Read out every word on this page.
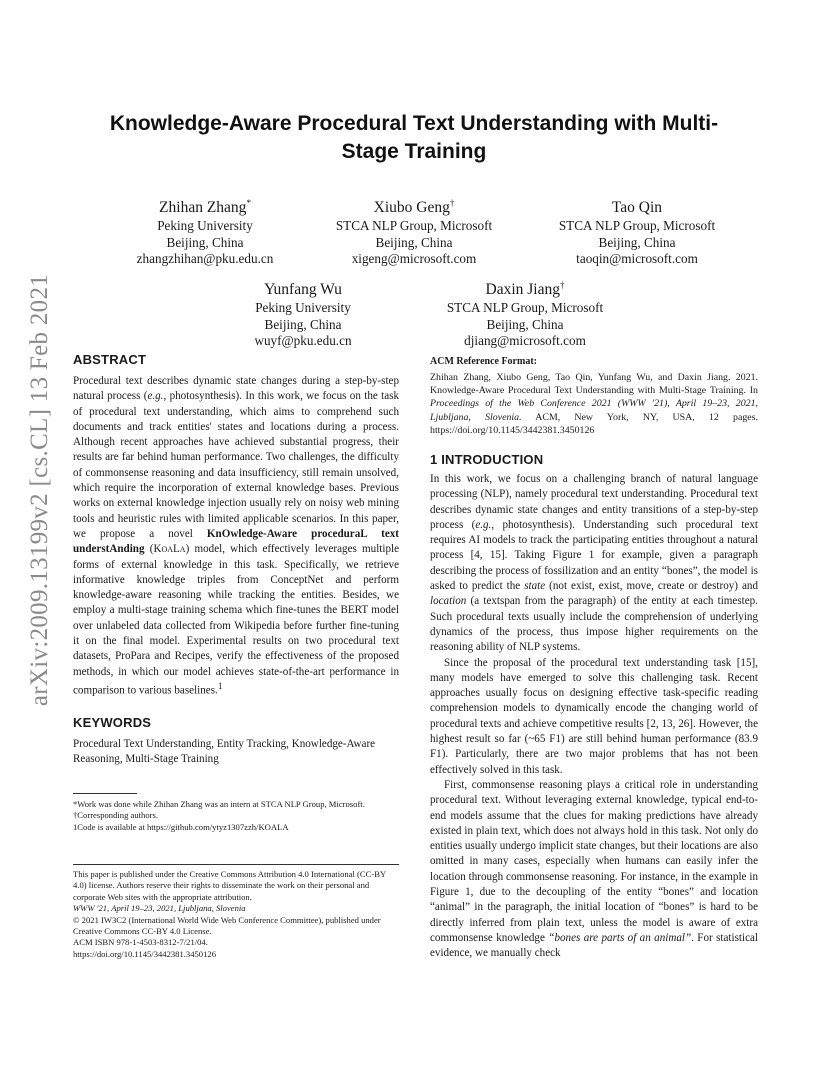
arXiv:2009.13199v2 [cs.CL] 13 Feb 2021
Knowledge-Aware Procedural Text Understanding with Multi-Stage Training
Zhihan Zhang*
Peking University
Beijing, China
zhangzhihan@pku.edu.cn
Xiubo Geng†
STCA NLP Group, Microsoft
Beijing, China
xigeng@microsoft.com
Tao Qin
STCA NLP Group, Microsoft
Beijing, China
taoqin@microsoft.com
Yunfang Wu
Peking University
Beijing, China
wuyf@pku.edu.cn
Daxin Jiang†
STCA NLP Group, Microsoft
Beijing, China
djiang@microsoft.com
ABSTRACT
Procedural text describes dynamic state changes during a step-by-step natural process (e.g., photosynthesis). In this work, we focus on the task of procedural text understanding, which aims to comprehend such documents and track entities' states and locations during a process. Although recent approaches have achieved substantial progress, their results are far behind human performance. Two challenges, the difficulty of commonsense reasoning and data insufficiency, still remain unsolved, which require the incorporation of external knowledge bases. Previous works on external knowledge injection usually rely on noisy web mining tools and heuristic rules with limited applicable scenarios. In this paper, we propose a novel KnOwledge-Aware proceduraL text understAnding (KoaLa) model, which effectively leverages multiple forms of external knowledge in this task. Specifically, we retrieve informative knowledge triples from ConceptNet and perform knowledge-aware reasoning while tracking the entities. Besides, we employ a multi-stage training schema which fine-tunes the BERT model over unlabeled data collected from Wikipedia before further fine-tuning it on the final model. Experimental results on two procedural text datasets, ProPara and Recipes, verify the effectiveness of the proposed methods, in which our model achieves state-of-the-art performance in comparison to various baselines.$^1$
KEYWORDS
Procedural Text Understanding, Entity Tracking, Knowledge-Aware Reasoning, Multi-Stage Training
*Work was done while Zhihan Zhang was an intern at STCA NLP Group, Microsoft.
†Corresponding authors.
1Code is available at https://github.com/ytyz1307zzh/KOALA
This paper is published under the Creative Commons Attribution 4.0 International (CC-BY 4.0) license. Authors reserve their rights to disseminate the work on their personal and corporate Web sites with the appropriate attribution.
WWW '21, April 19–23, 2021, Ljubljana, Slovenia
© 2021 IW3C2 (International World Wide Web Conference Committee), published under Creative Commons CC-BY 4.0 License.
ACM ISBN 978-1-4503-8312-7/21/04.
https://doi.org/10.1145/3442381.3450126
ACM Reference Format:
Zhihan Zhang, Xiubo Geng, Tao Qin, Yunfang Wu, and Daxin Jiang. 2021. Knowledge-Aware Procedural Text Understanding with Multi-Stage Training. In Proceedings of the Web Conference 2021 (WWW '21), April 19–23, 2021, Ljubljana, Slovenia. ACM, New York, NY, USA, 12 pages. https://doi.org/10.1145/3442381.3450126
1 INTRODUCTION
In this work, we focus on a challenging branch of natural language processing (NLP), namely procedural text understanding. Procedural text describes dynamic state changes and entity transitions of a step-by-step process (e.g., photosynthesis). Understanding such procedural text requires AI models to track the participating entities throughout a natural process [4, 15]. Taking Figure 1 for example, given a paragraph describing the process of fossilization and an entity “bones”, the model is asked to predict the state (not exist, exist, move, create or destroy) and location (a textspan from the paragraph) of the entity at each timestep. Such procedural texts usually include the comprehension of underlying dynamics of the process, thus impose higher requirements on the reasoning ability of NLP systems.
Since the proposal of the procedural text understanding task [15], many models have emerged to solve this challenging task. Recent approaches usually focus on designing effective task-specific reading comprehension models to dynamically encode the changing world of procedural texts and achieve competitive results [2, 13, 26]. However, the highest result so far (~65 F1) are still behind human performance (83.9 F1). Particularly, there are two major problems that has not been effectively solved in this task.
First, commonsense reasoning plays a critical role in understanding procedural text. Without leveraging external knowledge, typical end-to-end models assume that the clues for making predictions have already existed in plain text, which does not always hold in this task. Not only do entities usually undergo implicit state changes, but their locations are also omitted in many cases, especially when humans can easily infer the location through commonsense reasoning. For instance, in the example in Figure 1, due to the decoupling of the entity “bones” and location “animal” in the paragraph, the initial location of “bones” is hard to be directly inferred from plain text, unless the model is aware of extra commonsense knowledge “bones are parts of an animal”. For statistical evidence, we manually check
